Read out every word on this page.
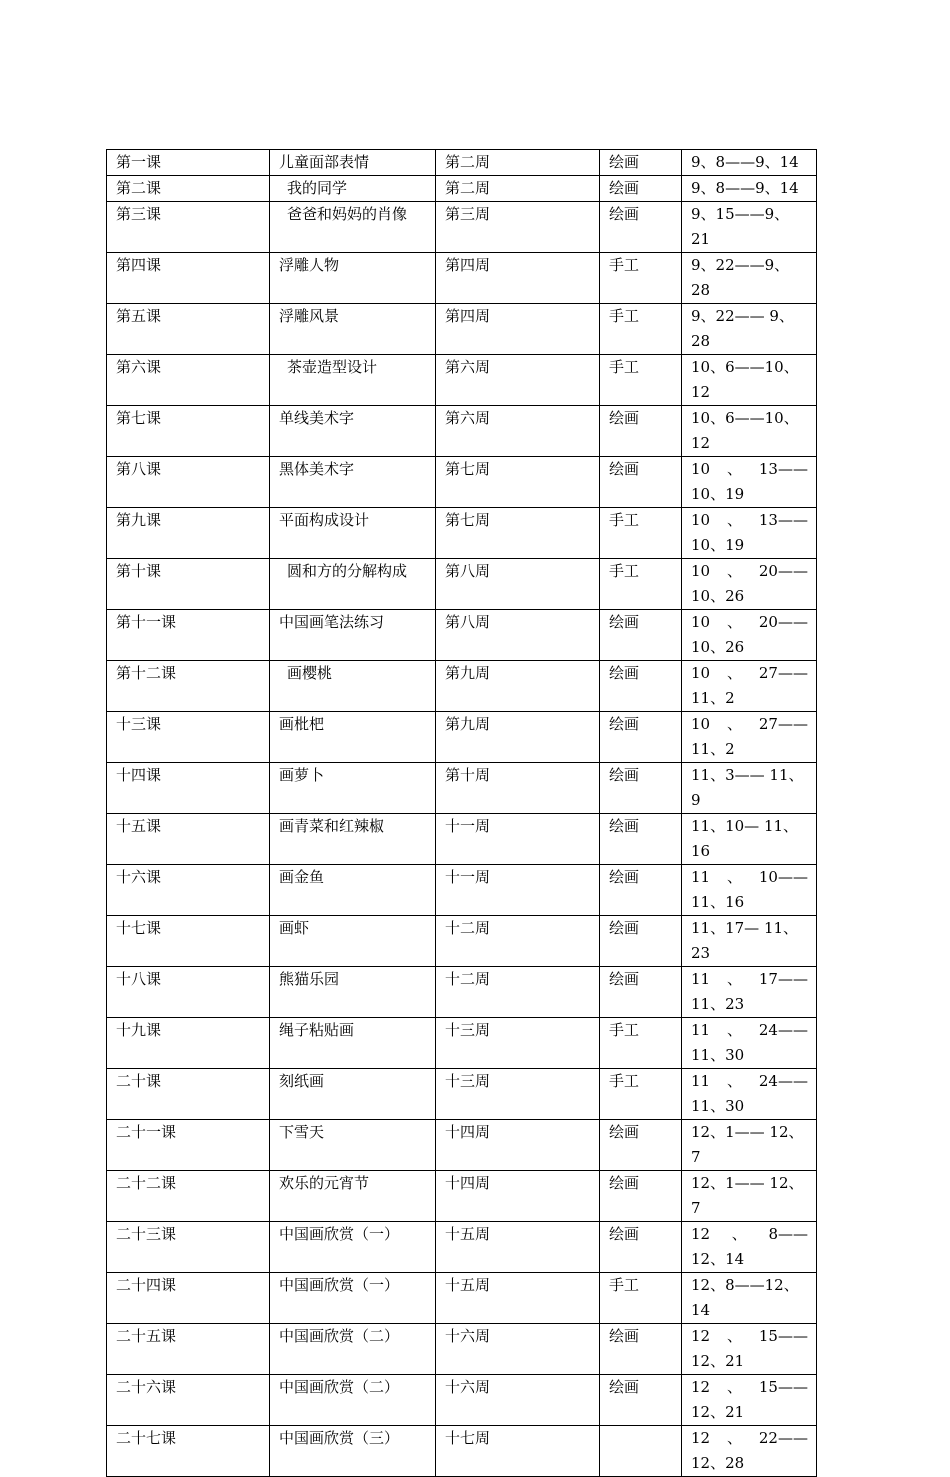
第一课	儿童面部表情	第二周	绘画	9、8——9、14

第二课	我的同学	第二周	绘画	9、8——9、14

第三课	爸爸和妈妈的肖像	第三周	绘画	9、15——9、21

第四课	浮雕人物	第四周	手工	9、22——9、28

第五课	浮雕风景	第四周	手工	9、22—— 9、28

第六课	茶壶造型设计	第六周	手工	10、6——10、12

第七课	单线美术字	第六周	绘画	10、6——10、12

第八课	黑体美术字	第七周	绘画	10 、 13——
10、19

第九课	平面构成设计	第七周	手工	10 、 13——
10、19

第十课	圆和方的分解构成	第八周	手工	10 、 20——
10、26

第十一课	中国画笔法练习	第八周	绘画	10 、 20——
10、26

第十二课	画樱桃	第九周	绘画	10 、 27——
11、2

十三课	画枇杷	第九周	绘画	10 、 27——
11、2

十四课	画萝卜	第十周	绘画	11、3—— 11、9

十五课	画青菜和红辣椒	十一周	绘画	11、10— 11、16

十六课	画金鱼	十一周	绘画	11 、 10——
11、16

十七课	画虾	十二周	绘画	11、17— 11、23

十八课	熊猫乐园	十二周	绘画	11 、 17——
11、23

十九课	绳子粘贴画	十三周	手工	11 、 24——
11、30

二十课	刻纸画	十三周	手工	11 、 24——
11、30

二十一课	下雪天	十四周	绘画	12、1—— 12、7

二十二课	欢乐的元宵节	十四周	绘画	12、1—— 12、7

二十三课	中国画欣赏（一）	十五周	绘画	12 、 8——
12、14

二十四课	中国画欣赏（一）	十五周	手工	12、8——12、14

二十五课	中国画欣赏（二）	十六周	绘画	12 、 15——
12、21

二十六课	中国画欣赏（二）	十六周	绘画	12 、 15——
12、21

二十七课	中国画欣赏（三）	十七周		12 、 22——
12、28
